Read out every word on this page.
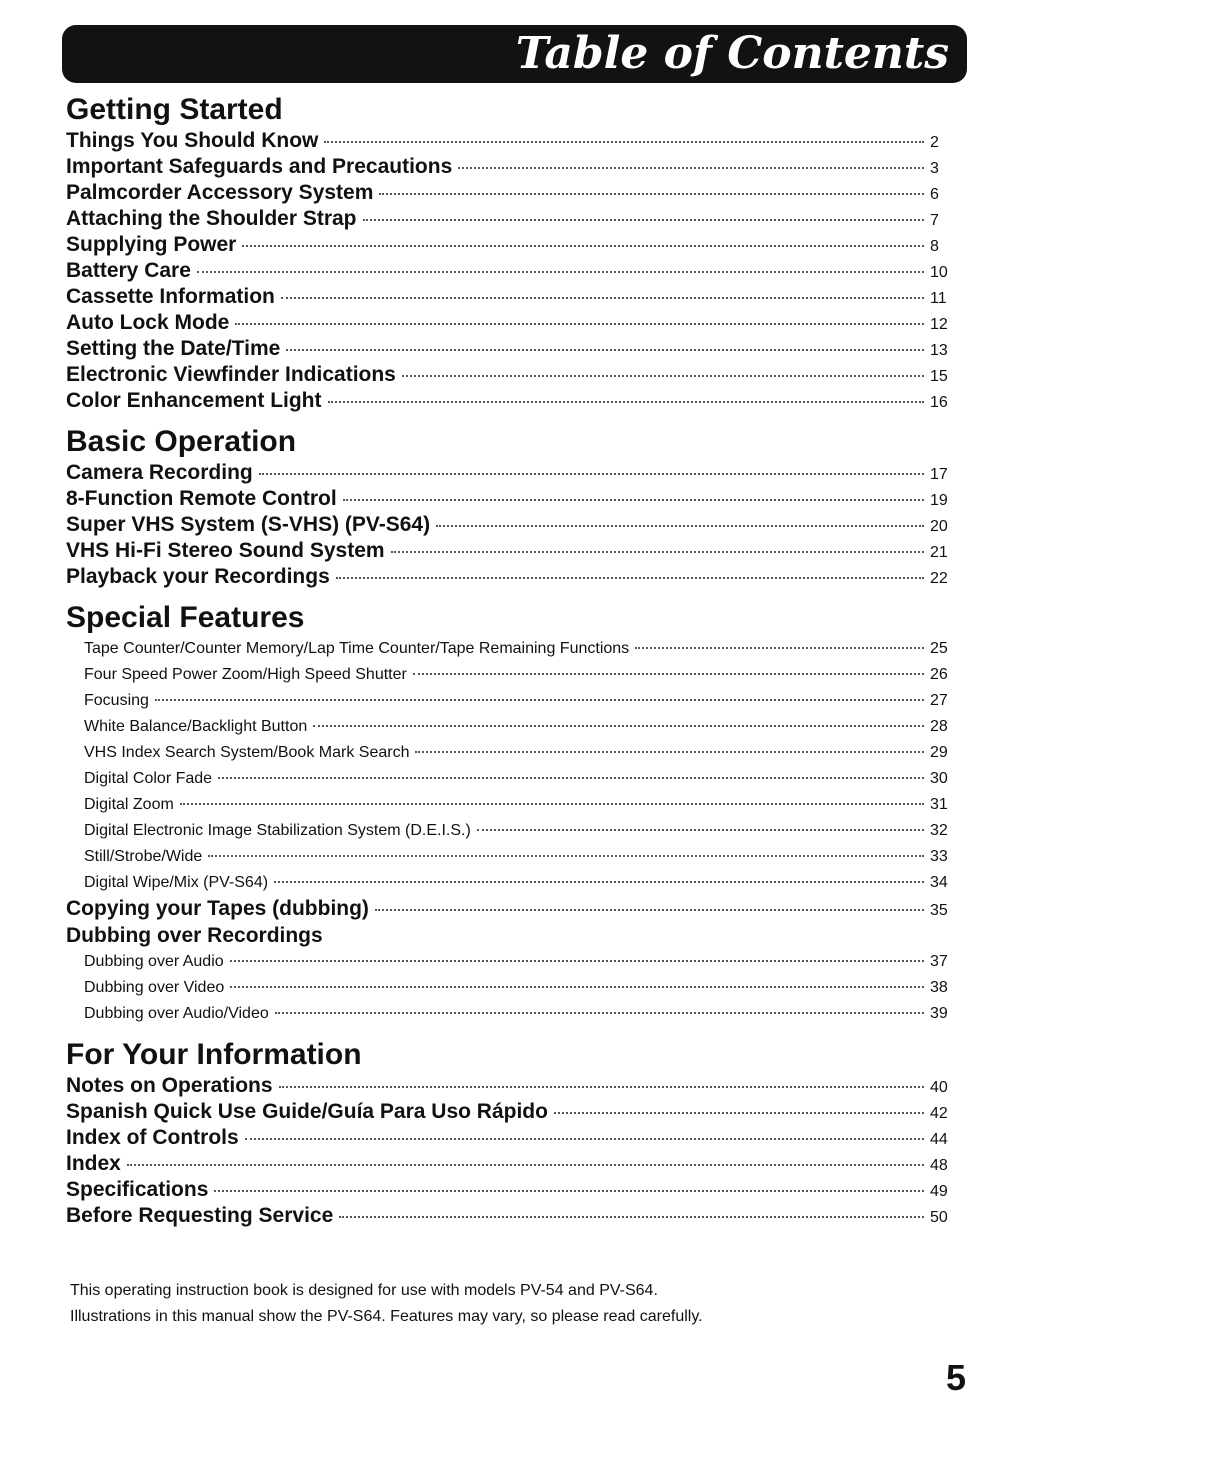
Table of Contents
Getting Started
Things You Should Know	2
Important Safeguards and Precautions	3
Palmcorder Accessory System	6
Attaching the Shoulder Strap	7
Supplying Power	8
Battery Care	10
Cassette Information	11
Auto Lock Mode	12
Setting the Date/Time	13
Electronic Viewfinder Indications	15
Color Enhancement Light	16
Basic Operation
Camera Recording	17
8-Function Remote Control	19
Super VHS System (S-VHS) (PV-S64)	20
VHS Hi-Fi Stereo Sound System	21
Playback your Recordings	22
Special Features
Tape Counter/Counter Memory/Lap Time Counter/Tape Remaining Functions	25
Four Speed Power Zoom/High Speed Shutter	26
Focusing	27
White Balance/Backlight Button	28
VHS Index Search System/Book Mark Search	29
Digital Color Fade	30
Digital Zoom	31
Digital Electronic Image Stabilization System (D.E.I.S.)	32
Still/Strobe/Wide	33
Digital Wipe/Mix (PV-S64)	34
Copying your Tapes (dubbing)	35
Dubbing over Recordings
Dubbing over Audio	37
Dubbing over Video	38
Dubbing over Audio/Video	39
For Your Information
Notes on Operations	40
Spanish Quick Use Guide/Guía Para Uso Rápido	42
Index of Controls	44
Index	48
Specifications	49
Before Requesting Service	50
This operating instruction book is designed for use with models PV-54 and PV-S64.
Illustrations in this manual show the PV-S64. Features may vary, so please read carefully.
5
